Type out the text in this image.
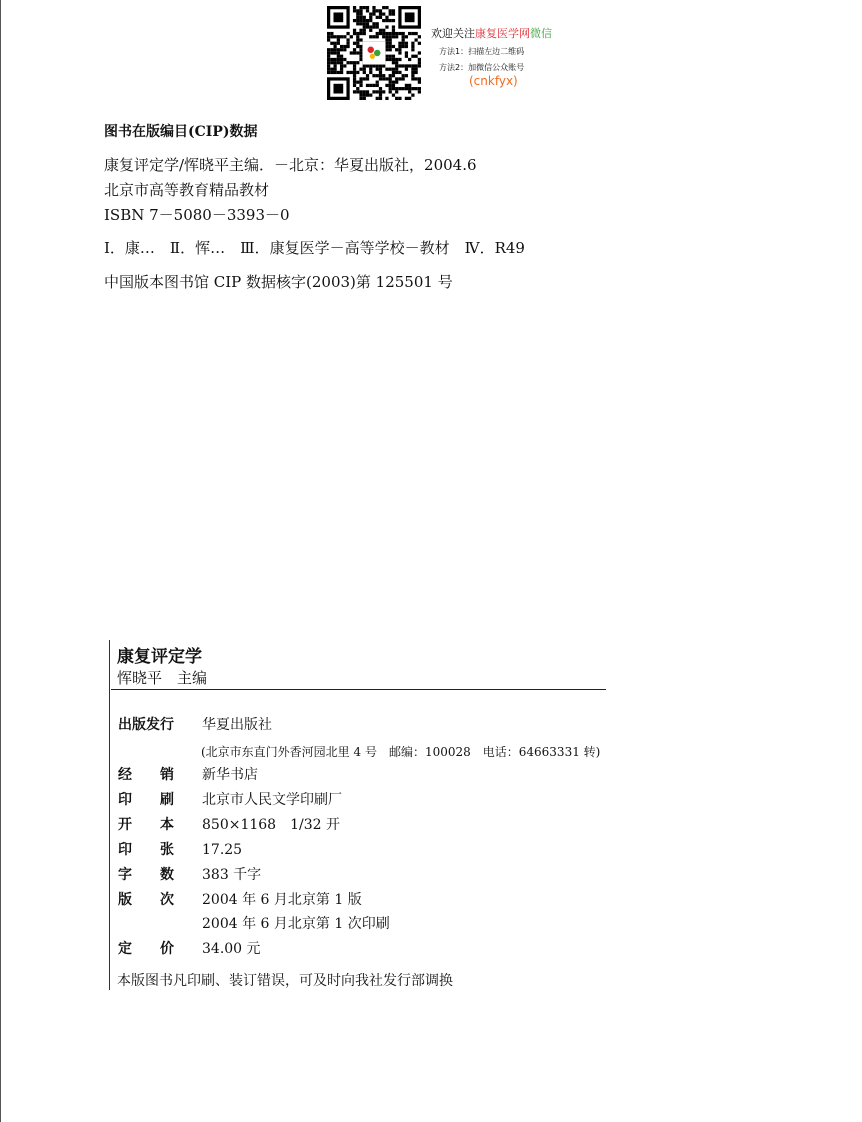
欢迎关注康复医学网微信
方法1：扫描左边二维码
方法2：加微信公众账号
(cnkfyx)
图书在版编目(CIP)数据
康复评定学/恽晓平主编．－北京：华夏出版社，2004.6
北京市高等教育精品教材
ISBN 7－5080－3393－0
Ⅰ．康…　Ⅱ．恽…　Ⅲ．康复医学－高等学校－教材　Ⅳ．R49
中国版本图书馆 CIP 数据核字(2003)第 125501 号
康复评定学
恽晓平　主编
出版发行 华夏出版社
经　　销 新华书店
印　　刷 北京市人民文学印刷厂
开　　本 850×1168　1/32 开
印　　张 17.25
字　　数 383 千字
版　　次 2004 年 6 月北京第 1 版
2004 年 6 月北京第 1 次印刷
定　　价 34.00 元
(北京市东直门外香河园北里 4 号　邮编：100028　电话：64663331 转)
本版图书凡印刷、装订错误，可及时向我社发行部调换
